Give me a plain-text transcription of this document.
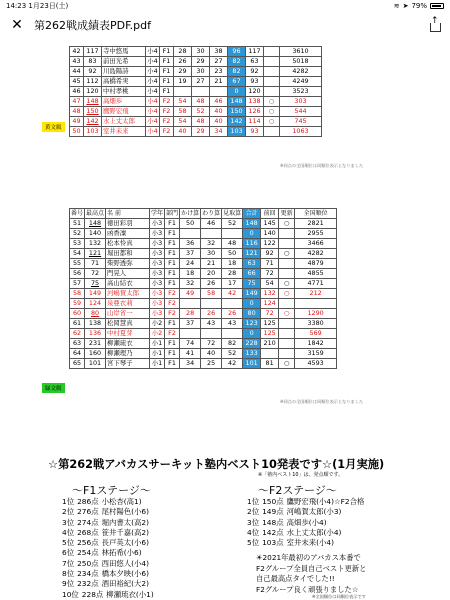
14:23 1月23日(土)	≋ ➤ 79%
✕ 第262戦成績表PDF.pdf
↑
42	117	寺中悠馬	小4	F1	28	30	38	96	117		3610
43	83	前田光希	小4	F1	26	29	27	82	63		5018
44	92	川島陽詩	小4	F1	29	30	23	82	92		4282
45	112	高橋希実	小4	F1	19	27	21	67	93		4249
46	120	中村孝桃	小4	F1				0	120		3523
47	148	高畑歩	小4	F2	54	48	46	148	138	○	303
48	150	鷹野宏飛	小4	F2	58	52	40	150	126	○	544
49	142	水上丈太郎	小4	F2	54	48	40	142	114	○	745
50	103	室井未来	小4	F2	40	29	34	103	93		1063
黄文級
※同点の全国順位は同順位表示となりました
番号	最高点	名 前	学年	部門	かけ算	わり算	見取算	合計	前回	更新	全国順位
51	148	徳田彩羽	小3	F1	50	46	52	148	145	○	2821
52	140	函香凜	小3	F1				0	140		2955
53	132	松本怜真	小3	F1	36	32	48	116	122		3466
54	121	堀田都和	小3	F1	37	30	50	121	92	○	4282
55	71	柴野透弥	小3	F1	24	21	18	63	71		4879
56	72	門晃人	小3	F1	18	20	28	66	72		4855
57	75	高山結衣	小3	F1	32	26	17	75	54	○	4771
58	149	河嶋賀太郎	小3	F2	49	58	42	149	132	○	212
59	124	泉亜衣莉	小3	F2				0	124		
60	80	山岸省一	小3	F2	28	26	26	80	72	○	1290
61	138	松岡慧真	小2	F1	37	43	43	123	125		3380
62	136	中村夏芽	小2	F2				0	125		569
63	231	柳瀬琉衣	小1	F1	74	72	82	228	210		1842
64	160	柳瀬理乃	小1	F1	41	40	52	133			3159
65	101	宮下琴子	小1	F1	34	25	42	101	81	○	4593
緑文級
※同点の全国順位は同順位表示となりました
☆第262戦アバカスサーキット塾内ベスト10発表です☆(1月実施)
※「塾内ベスト10」は、発点順です。
〜F1ステージ〜
1位 286点 小松杏(高1)
2位 276点 尾村陽色(小6)
3位 274点 堀内書太(高2)
4位 268点 笹井千嘉(高2)
5位 256点 長戸英太(小6)
6位 254点 林拓希(小6)
7位 250点 西田悠人(小4)
8位 234点 橋本夕映(小6)
9位 232点 酒田裕紀(大2)
10位 228点 柳瀬琉衣(小1)
〜F2ステージ〜
1位 150点 鷹野宏飛(小4)☆F2合格
2位 149点 河嶋賀太郎(小3)
3位 148点 高畑歩(小4)
4位 142点 水上丈太郎(小4)
5位 103点 室井未来(小4)
☀2021年最初のアバカス本番で
F2グループ全員自己ベスト更新と
自己最高点タイでした!!
F2グループ良く頑張りました☆
※全国順位は同順位表示です
